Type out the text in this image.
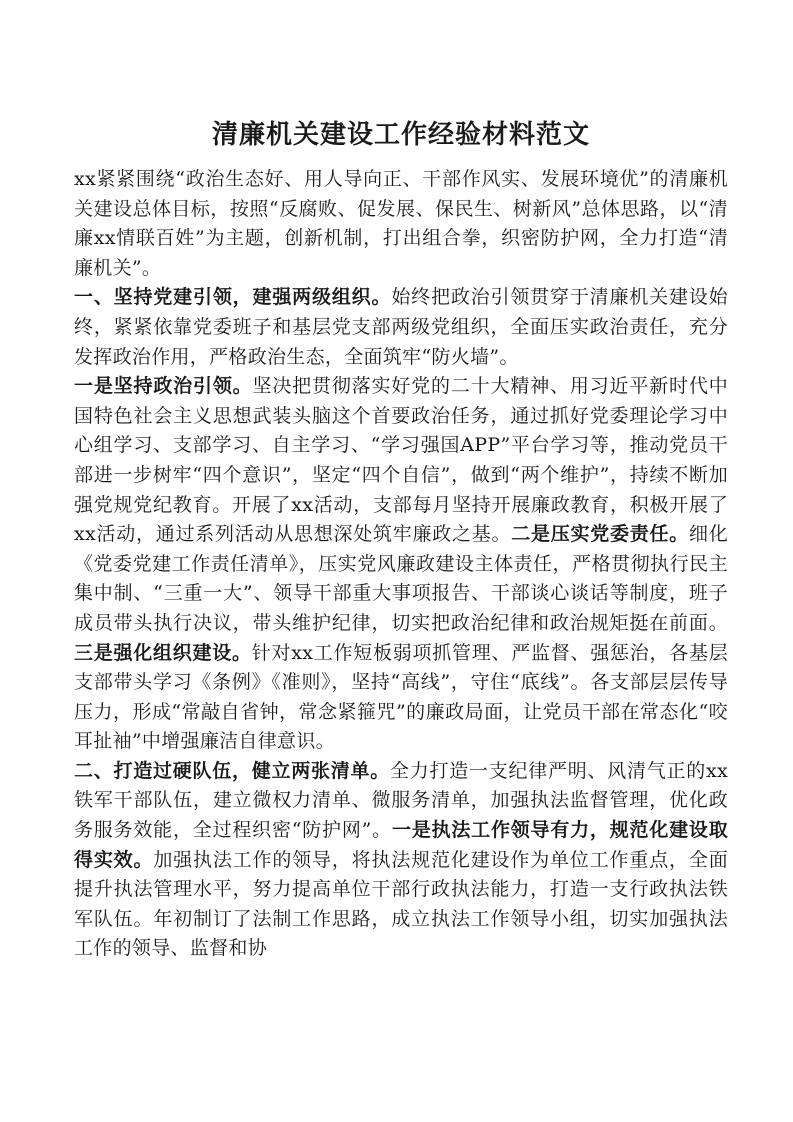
清廉机关建设工作经验材料范文

xx紧紧围绕“政治生态好、用人导向正、干部作风实、发展环境优”的清廉机关建设总体目标，按照“反腐败、促发展、保民生、树新风”总体思路，以“清廉xx情联百姓”为主题，创新机制，打出组合拳，织密防护网，全力打造“清廉机关”。

一、坚持党建引领，建强两级组织。始终把政治引领贯穿于清廉机关建设始终，紧紧依靠党委班子和基层党支部两级党组织，全面压实政治责任，充分发挥政治作用，严格政治生态，全面筑牢“防火墙”。

一是坚持政治引领。坚决把贯彻落实好党的二十大精神、用习近平新时代中国特色社会主义思想武装头脑这个首要政治任务，通过抓好党委理论学习中心组学习、支部学习、自主学习、“学习强国APP”平台学习等，推动党员干部进一步树牢“四个意识”，坚定“四个自信”，做到“两个维护”，持续不断加强党规党纪教育。开展了xx活动，支部每月坚持开展廉政教育，积极开展了xx活动，通过系列活动从思想深处筑牢廉政之基。二是压实党委责任。细化《党委党建工作责任清单》，压实党风廉政建设主体责任，严格贯彻执行民主集中制、“三重一大”、领导干部重大事项报告、干部谈心谈话等制度，班子成员带头执行决议，带头维护纪律，切实把政治纪律和政治规矩挺在前面。三是强化组织建设。针对xx工作短板弱项抓管理、严监督、强惩治，各基层支部带头学习《条例》《准则》，坚持“高线”，守住“底线”。各支部层层传导压力，形成“常敲自省钟，常念紧箍咒”的廉政局面，让党员干部在常态化“咬耳扯袖”中增强廉洁自律意识。

二、打造过硬队伍，健立两张清单。全力打造一支纪律严明、风清气正的xx铁军干部队伍，建立微权力清单、微服务清单，加强执法监督管理，优化政务服务效能，全过程织密“防护网”。一是执法工作领导有力，规范化建设取得实效。加强执法工作的领导，将执法规范化建设作为单位工作重点，全面提升执法管理水平，努力提高单位干部行政执法能力，打造一支行政执法铁军队伍。年初制订了法制工作思路，成立执法工作领导小组，切实加强执法工作的领导、监督和协
